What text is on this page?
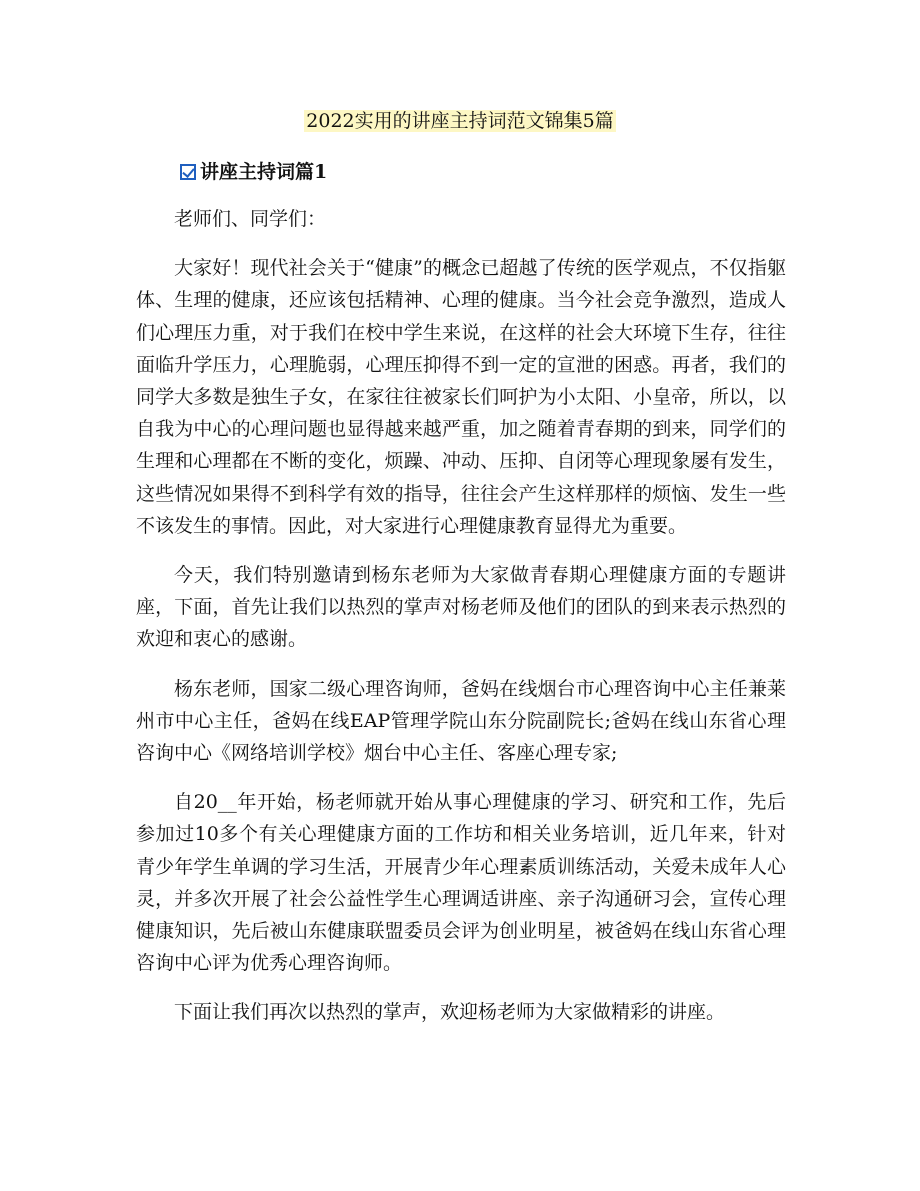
2022实用的讲座主持词范文锦集5篇
讲座主持词篇1

老师们、同学们：

大家好！现代社会关于“健康”的概念已超越了传统的医学观点，不仅指躯体、生理的健康，还应该包括精神、心理的健康。当今社会竞争激烈，造成人们心理压力重，对于我们在校中学生来说，在这样的社会大环境下生存，往往面临升学压力，心理脆弱，心理压抑得不到一定的宣泄的困惑。再者，我们的同学大多数是独生子女，在家往往被家长们呵护为小太阳、小皇帝，所以，以自我为中心的心理问题也显得越来越严重，加之随着青春期的到来，同学们的生理和心理都在不断的变化，烦躁、冲动、压抑、自闭等心理现象屡有发生，这些情况如果得不到科学有效的指导，往往会产生这样那样的烦恼、发生一些不该发生的事情。因此，对大家进行心理健康教育显得尤为重要。

今天，我们特别邀请到杨东老师为大家做青春期心理健康方面的专题讲座，下面，首先让我们以热烈的掌声对杨老师及他们的团队的到来表示热烈的欢迎和衷心的感谢。

杨东老师，国家二级心理咨询师，爸妈在线烟台市心理咨询中心主任兼莱州市中心主任，爸妈在线EAP管理学院山东分院副院长;爸妈在线山东省心理咨询中心《网络培训学校》烟台中心主任、客座心理专家;

自20__年开始，杨老师就开始从事心理健康的学习、研究和工作，先后参加过10多个有关心理健康方面的工作坊和相关业务培训，近几年来，针对青少年学生单调的学习生活，开展青少年心理素质训练活动，关爱未成年人心灵，并多次开展了社会公益性学生心理调适讲座、亲子沟通研习会，宣传心理健康知识，先后被山东健康联盟委员会评为创业明星，被爸妈在线山东省心理咨询中心评为优秀心理咨询师。

下面让我们再次以热烈的掌声，欢迎杨老师为大家做精彩的讲座。
